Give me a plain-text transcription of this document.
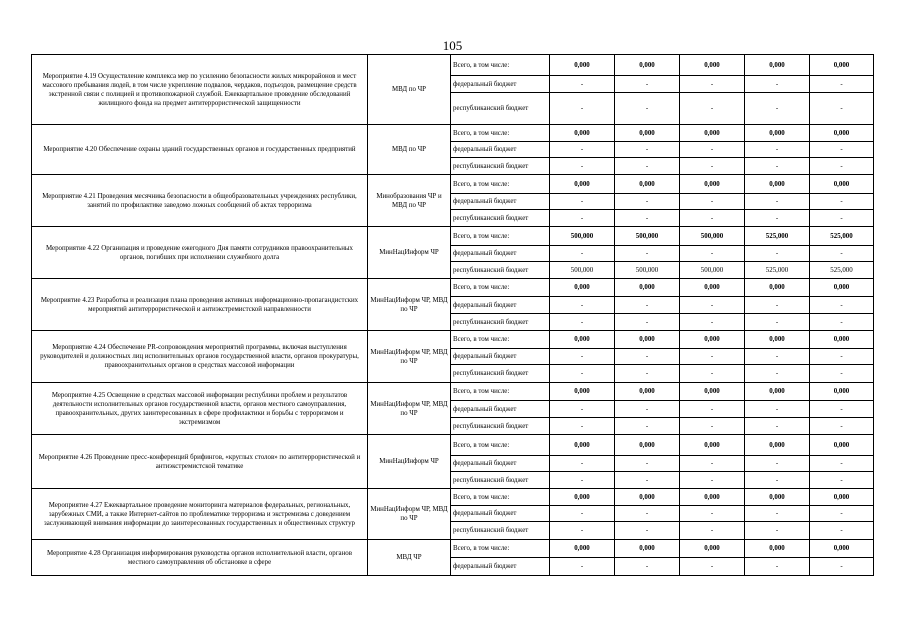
105
Мероприятие 4.19 Осуществление комплекса мер по усилению безопасности жилых микрорайонов и мест массового пребывания людей, в том числе укрепление подвалов, чердаков, подъездов, размещение средств экстренной связи с полицией и противопожарной службой. Ежеквартальное проведение обследований жилищного фонда на предмет антитеррористической защищенности	МВД по ЧР	Всего, в том числе:	0,000	0,000	0,000	0,000	0,000
		федеральный бюджет	-	-	-	-	-
		республиканский бюджет	-	-	-	-	-
Мероприятие 4.20 Обеспечение охраны зданий государственных органов и государственных предприятий	МВД по ЧР	Всего, в том числе:	0,000	0,000	0,000	0,000	0,000
		федеральный бюджет	-	-	-	-	-
		республиканский бюджет	-	-	-	-	-
Мероприятие 4.21 Проведения месячника безопасности в общеобразовательных учреждениях республики, занятий по профилактике заведомо ложных сообщений об актах терроризма	Минобразования ЧР и МВД по ЧР	Всего, в том числе:	0,000	0,000	0,000	0,000	0,000
		федеральный бюджет	-	-	-	-	-
		республиканский бюджет	-	-	-	-	-
Мероприятие 4.22 Организация и проведение ежегодного Дня памяти сотрудников правоохранительных органов, погибших при исполнении служебного долга	МинНацИнформ ЧР	Всего, в том числе:	500,000	500,000	500,000	525,000	525,000
		федеральный бюджет	-	-	-	-	-
		республиканский бюджет	500,000	500,000	500,000	525,000	525,000
Мероприятие 4.23 Разработка и реализация плана проведения активных информационно-пропагандистских мероприятий антитеррористической и антиэкстремистской направленности	МинНацИнформ ЧР, МВД по ЧР	Всего, в том числе:	0,000	0,000	0,000	0,000	0,000
		федеральный бюджет	-	-	-	-	-
		республиканский бюджет	-	-	-	-	-
Мероприятие 4.24 Обеспечение PR-сопровождения мероприятий программы, включая выступления руководителей и должностных лиц исполнительных органов государственной власти, органов прокуратуры, правоохранительных органов в средствах массовой информации	МинНацИнформ ЧР, МВД по ЧР	Всего, в том числе:	0,000	0,000	0,000	0,000	0,000
		федеральный бюджет	-	-	-	-	-
		республиканский бюджет	-	-	-	-	-
Мероприятие 4.25 Освещение в средствах массовой информации республики проблем и результатов деятельности исполнительных органов государственной власти, органов местного самоуправления, правоохранительных, других заинтересованных в сфере профилактики и борьбы с терроризмом и экстремизмом	МинНацИнформ ЧР, МВД по ЧР	Всего, в том числе:	0,000	0,000	0,000	0,000	0,000
		федеральный бюджет	-	-	-	-	-
		республиканский бюджет	-	-	-	-	-
Мероприятие 4.26 Проведение пресс-конференций брифингов, «круглых столов» по антитеррористической и антиэкстремистской тематике	МинНацИнформ ЧР	Всего, в том числе:	0,000	0,000	0,000	0,000	0,000
		федеральный бюджет	-	-	-	-	-
		республиканский бюджет	-	-	-	-	-
Мероприятие 4.27 Ежеквартальное проведение мониторинга материалов федеральных, региональных, зарубежных СМИ, а также Интернет-сайтов по проблематике терроризма и экстремизма с доведением заслуживающей внимания информации до заинтересованных государственных и общественных структур	МинНацИнформ ЧР, МВД по ЧР	Всего, в том числе:	0,000	0,000	0,000	0,000	0,000
		федеральный бюджет	-	-	-	-	-
		республиканский бюджет	-	-	-	-	-
Мероприятие 4.28 Организация информирования руководства органов исполнительной власти, органов местного самоуправления об обстановке в сфере	МВД ЧР	Всего, в том числе:	0,000	0,000	0,000	0,000	0,000
		федеральный бюджет	-	-	-	-	-
